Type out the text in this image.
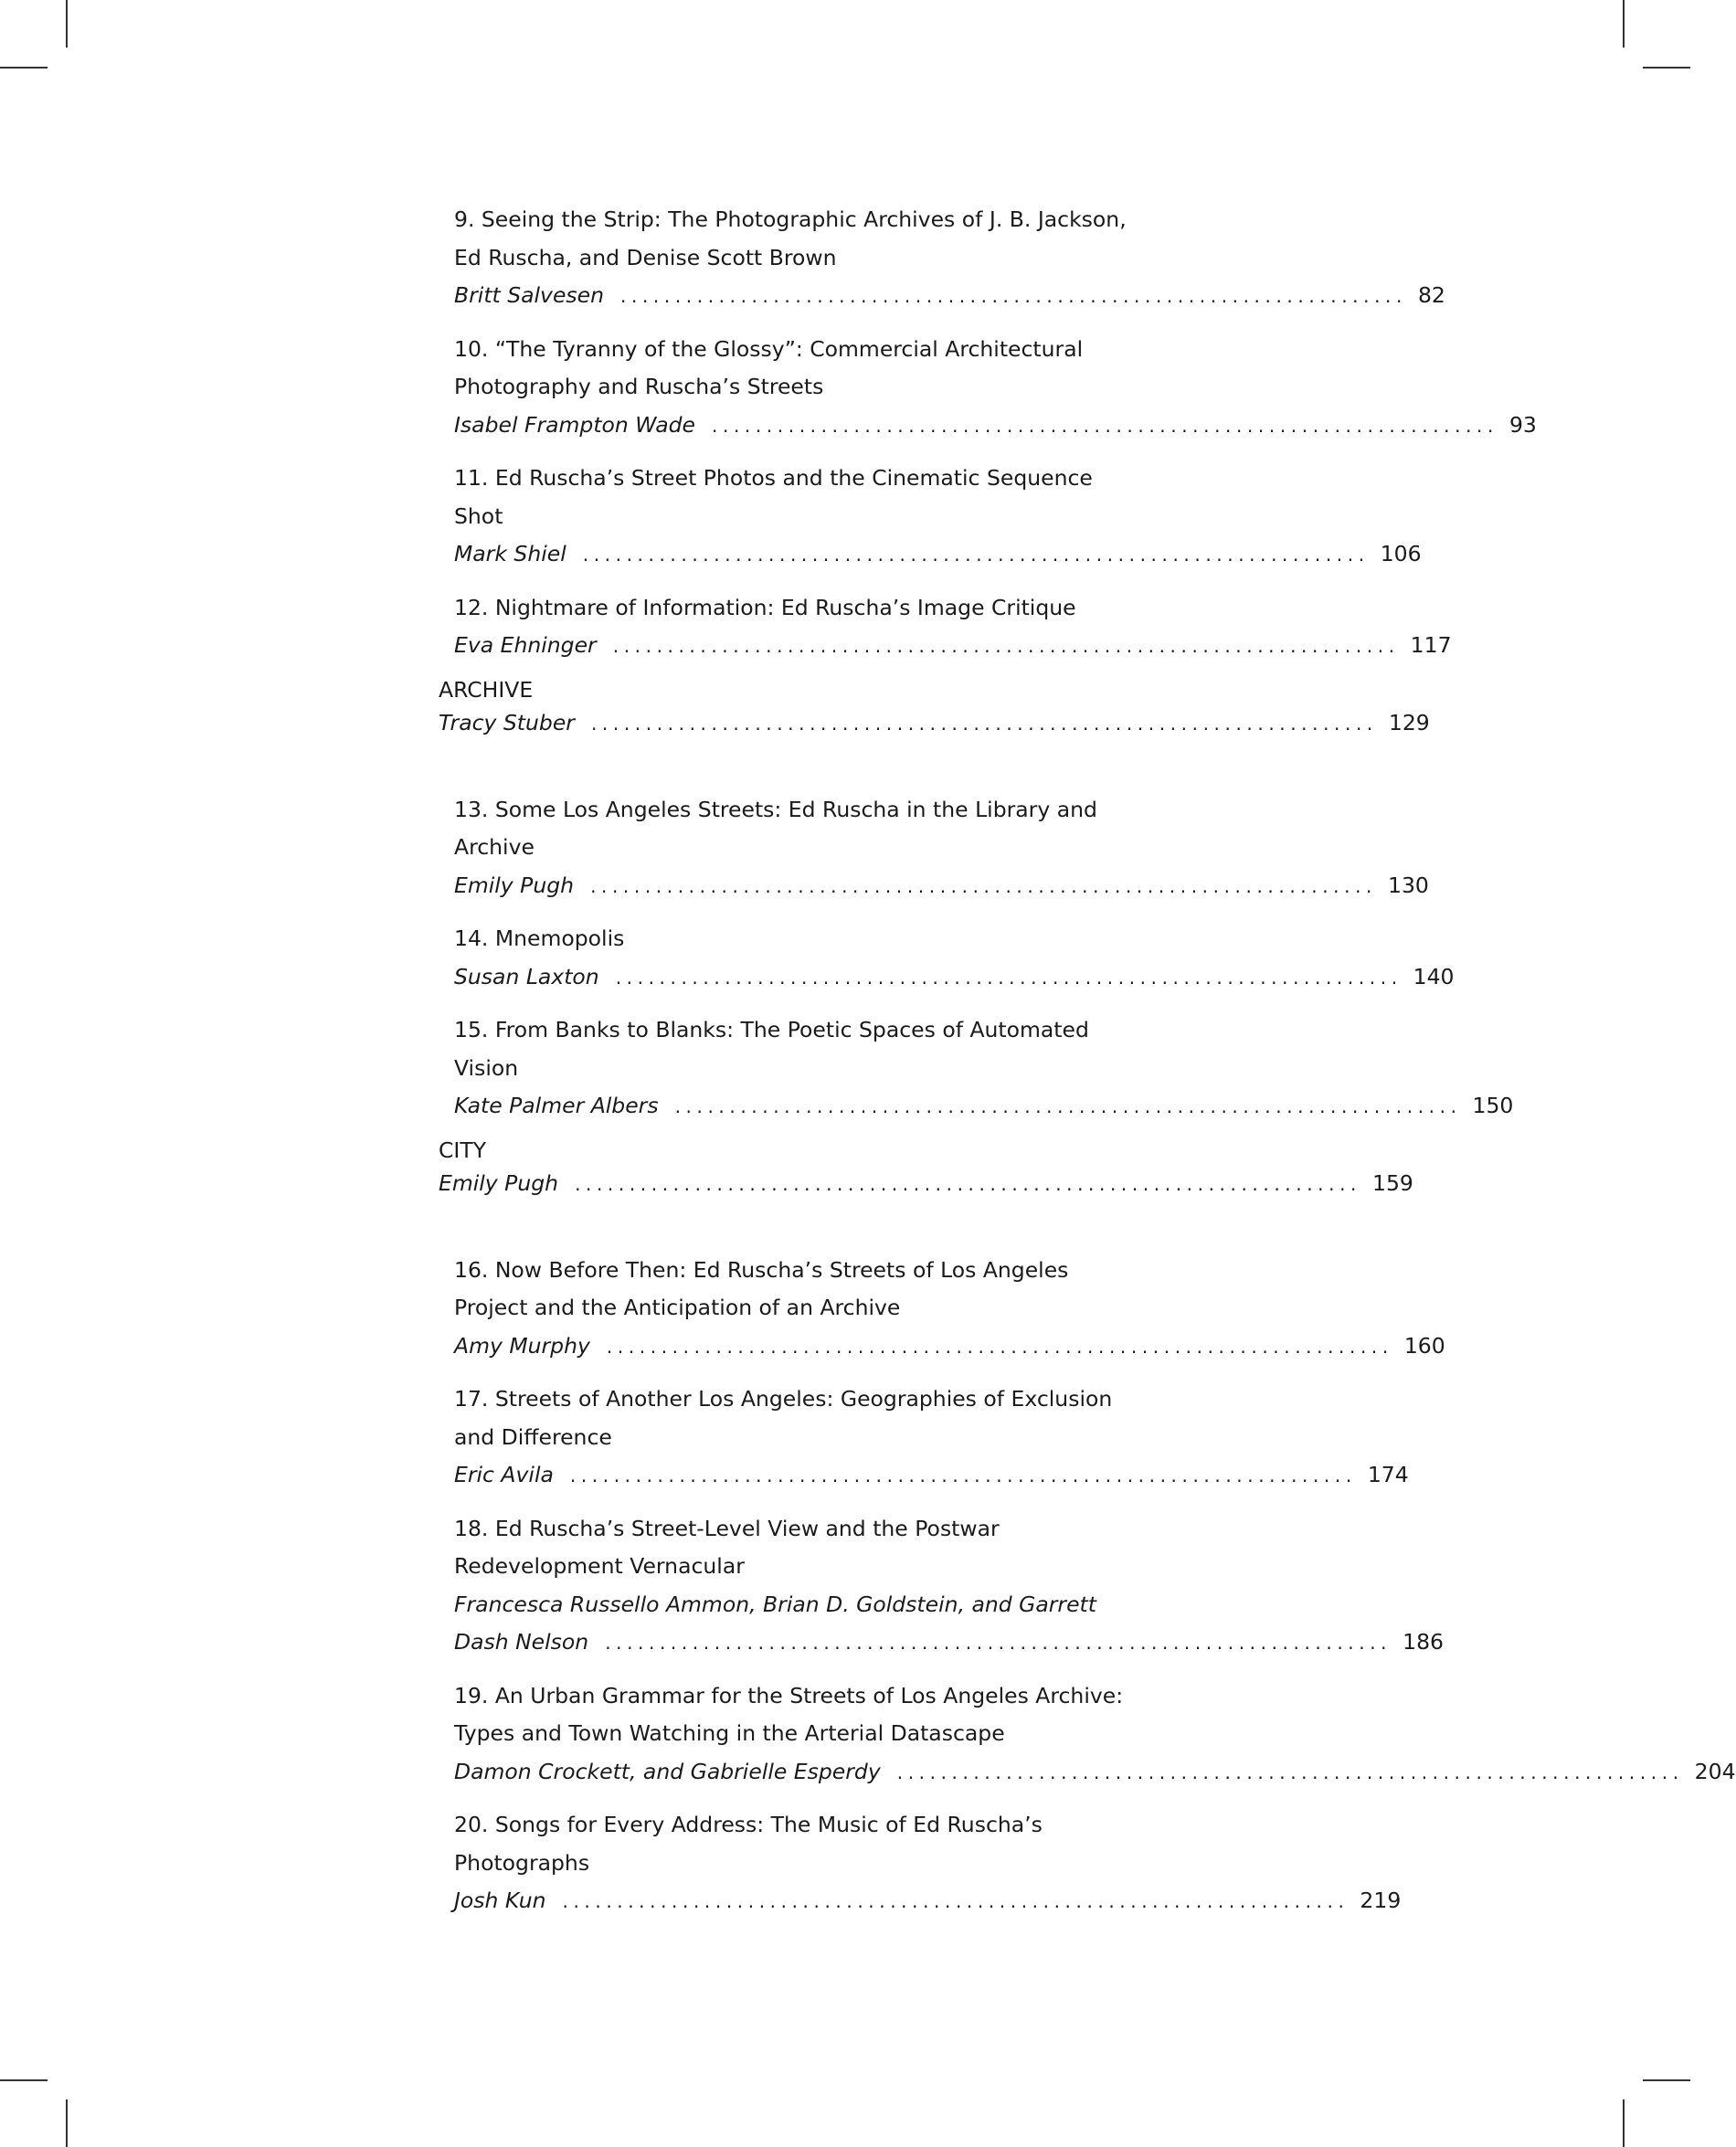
9. Seeing the Strip: The Photographic Archives of J. B. Jackson,
Ed Ruscha, and Denise Scott Brown
Britt Salvesen ........................................................................ 82
10. “The Tyranny of the Glossy”: Commercial Architectural
Photography and Ruscha’s Streets
Isabel Frampton Wade ........................................................................ 93
11. Ed Ruscha’s Street Photos and the Cinematic Sequence
Shot
Mark Shiel ........................................................................ 106
12. Nightmare of Information: Ed Ruscha’s Image Critique
Eva Ehninger ........................................................................ 117
ARCHIVE
Tracy Stuber ........................................................................ 129
13. Some Los Angeles Streets: Ed Ruscha in the Library and
Archive
Emily Pugh ........................................................................ 130
14. Mnemopolis
Susan Laxton ........................................................................ 140
15. From Banks to Blanks: The Poetic Spaces of Automated
Vision
Kate Palmer Albers ........................................................................ 150
CITY
Emily Pugh ........................................................................ 159
16. Now Before Then: Ed Ruscha’s Streets of Los Angeles
Project and the Anticipation of an Archive
Amy Murphy ........................................................................ 160
17. Streets of Another Los Angeles: Geographies of Exclusion
and Difference
Eric Avila ........................................................................ 174
18. Ed Ruscha’s Street-Level View and the Postwar
Redevelopment Vernacular
Francesca Russello Ammon, Brian D. Goldstein, and Garrett
Dash Nelson ........................................................................ 186
19. An Urban Grammar for the Streets of Los Angeles Archive:
Types and Town Watching in the Arterial Datascape
Damon Crockett, and Gabrielle Esperdy ........................................................................ 204
20. Songs for Every Address: The Music of Ed Ruscha’s
Photographs
Josh Kun ........................................................................ 219
